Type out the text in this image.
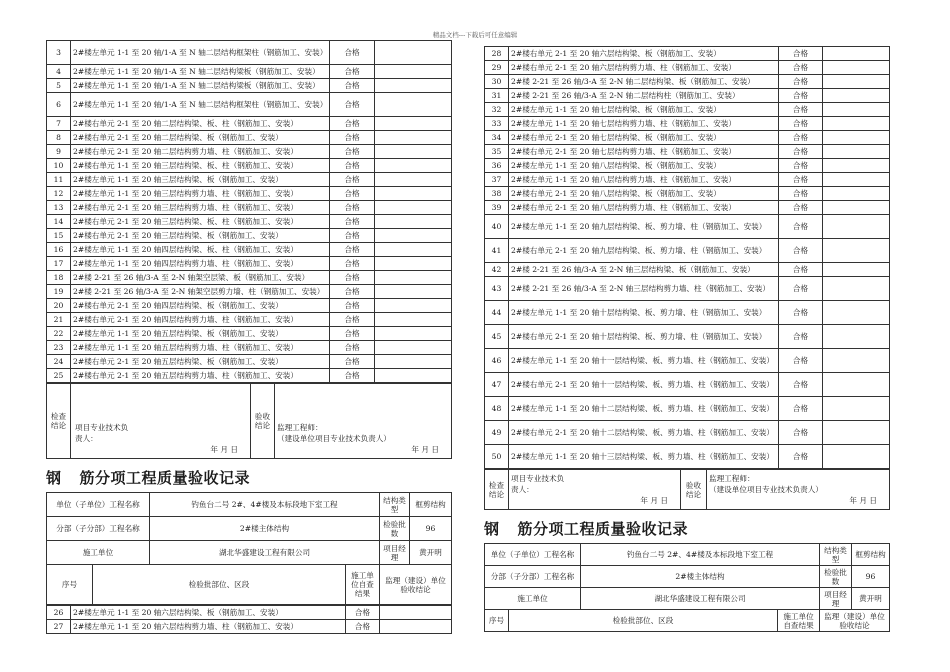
精品文档---下载后可任意编辑
3	2#楼左单元 1-1 至 20 轴/1-A 至 N 轴二层结构框架柱（钢筋加工、安装）	合格	
4	2#楼左单元 1-1 至 20 轴/1-A 至 N 轴二层结构梁板（钢筋加工、安装）	合格	
5	2#楼左单元 1-1 至 20 轴/1-A 至 N 轴二层结构梁板（钢筋加工、安装）	合格	
6	2#楼左单元 1-1 至 20 轴/1-A 至 N 轴二层结构框架柱（钢筋加工、安装）	合格	
7	2#楼右单元 2-1 至 20 轴二层结构梁、板、柱（钢筋加工、安装）	合格	
8	2#楼右单元 2-1 至 20 轴二层结构梁、板（钢筋加工、安装）	合格	
9	2#楼右单元 2-1 至 20 轴二层结构剪力墙、柱（钢筋加工、安装）	合格	
10	2#楼右单元 1-1 至 20 轴三层结构梁、板、柱（钢筋加工、安装）	合格	
11	2#楼左单元 1-1 至 20 轴三层结构梁、板（钢筋加工、安装）	合格	
12	2#楼左单元 1-1 至 20 轴三层结构剪力墙、柱（钢筋加工、安装）	合格	
13	2#楼右单元 2-1 至 20 轴三层结构剪力墙、柱（钢筋加工、安装）	合格	
14	2#楼右单元 2-1 至 20 轴三层结构梁、板、柱（钢筋加工、安装）	合格	
15	2#楼右单元 2-1 至 20 轴三层结构梁、板（钢筋加工、安装）	合格	
16	2#楼左单元 1-1 至 20 轴四层结构梁、板、柱（钢筋加工、安装）	合格	
17	2#楼左单元 1-1 至 20 轴四层结构剪力墙、柱（钢筋加工、安装）	合格	
18	2#楼 2-21 至 26 轴/3-A 至 2-N 轴架空层梁、板（钢筋加工、安装）	合格	
19	2#楼 2-21 至 26 轴/3-A 至 2-N 轴架空层剪力墙、柱（钢筋加工、安装）	合格	
20	2#楼右单元 2-1 至 20 轴四层结构梁、板（钢筋加工、安装）	合格	
21	2#楼右单元 2-1 至 20 轴四层结构剪力墙、柱（钢筋加工、安装）	合格	
22	2#楼左单元 1-1 至 20 轴五层结构梁、板（钢筋加工、安装）	合格	
23	2#楼左单元 1-1 至 20 轴五层结构剪力墙、柱（钢筋加工、安装）	合格	
24	2#楼右单元 2-1 至 20 轴五层结构梁、板（钢筋加工、安装）	合格	
25	2#楼右单元 2-1 至 20 轴五层结构剪力墙、柱（钢筋加工、安装）	合格	
检查结论	项目专业技术负责人：
年 月 日
	验收结论	监理工程师：
（建设单位项目专业技术负责人）
年 月 日
钢 筋分项工程质量验收记录
单位（子单位）工程名称		钓鱼台二号 2#、4#楼及本标段地下室工程		结构类型	框剪结构
分部（子分部）工程名称		2#楼主体结构		检验批数	96
施工单位		湖北华盛建设工程有限公司		项目经理	黄开明
序号	检验批部位、区段		施工单位自查结果	监理（建设）单位验收结论	
26	2#楼左单元 1-1 至 20 轴六层结构梁、板（钢筋加工、安装）	合格	
27	2#楼左单元 1-1 至 20 轴六层结构剪力墙、柱（钢筋加工、安装）	合格	
28	2#楼右单元 2-1 至 20 轴六层结构梁、板（钢筋加工、安装）	合格	
29	2#楼右单元 2-1 至 20 轴六层结构剪力墙、柱（钢筋加工、安装）	合格	
30	2#楼 2-21 至 26 轴/3-A 至 2-N 轴二层结构梁、板（钢筋加工、安装）	合格	
31	2#楼 2-21 至 26 轴/3-A 至 2-N 轴二层结构柱（钢筋加工、安装）	合格	
32	2#楼左单元 1-1 至 20 轴七层结构梁、板（钢筋加工、安装）	合格	
33	2#楼左单元 1-1 至 20 轴七层结构剪力墙、柱（钢筋加工、安装）	合格	
34	2#楼右单元 2-1 至 20 轴七层结构梁、板（钢筋加工、安装）	合格	
35	2#楼右单元 2-1 至 20 轴七层结构剪力墙、柱（钢筋加工、安装）	合格	
36	2#楼左单元 1-1 至 20 轴八层结构梁、板（钢筋加工、安装）	合格	
37	2#楼左单元 1-1 至 20 轴八层结构剪力墙、柱（钢筋加工、安装）	合格	
38	2#楼右单元 2-1 至 20 轴八层结构梁、板（钢筋加工、安装）	合格	
39	2#楼右单元 2-1 至 20 轴八层结构剪力墙、柱（钢筋加工、安装）	合格	
40	2#楼左单元 1-1 至 20 轴九层结构梁、板、剪力墙、柱（钢筋加工、安装）	合格	
41	2#楼右单元 2-1 至 20 轴九层结构梁、板、剪力墙、柱（钢筋加工、安装）	合格	
42	2#楼 2-21 至 26 轴/3-A 至 2-N 轴三层结构梁、板（钢筋加工、安装）	合格	
43	2#楼 2-21 至 26 轴/3-A 至 2-N 轴三层结构剪力墙、柱（钢筋加工、安装）	合格	
44	2#楼左单元 1-1 至 20 轴十层结构梁、板、剪力墙、柱（钢筋加工、安装）	合格	
45	2#楼右单元 2-1 至 20 轴十层结构梁、板、剪力墙、柱（钢筋加工、安装）	合格	
46	2#楼左单元 1-1 至 20 轴十一层结构梁、板、剪力墙、柱（钢筋加工、安装）	合格	
47	2#楼右单元 2-1 至 20 轴十一层结构梁、板、剪力墙、柱（钢筋加工、安装）	合格	
48	2#楼左单元 1-1 至 20 轴十二层结构梁、板、剪力墙、柱（钢筋加工、安装）	合格	
49	2#楼右单元 2-1 至 20 轴十二层结构梁、板、剪力墙、柱（钢筋加工、安装）	合格	
50	2#楼左单元 1-1 至 20 轴十三层结构梁、板、剪力墙、柱（钢筋加工、安装）	合格	
检查结论	
项目专业技术负责人：
年 月 日
	验收结论	
监理工程师：
（建设单位项目专业技术负责人）
年 月 日
钢 筋分项工程质量验收记录
单位（子单位）工程名称		钓鱼台二号 2#、4#楼及本标段地下室工程		结构类型	框剪结构
分部（子分部）工程名称		2#楼主体结构		检验批数	96
施工单位		湖北华盛建设工程有限公司		项目经理	黄开明
序号	检验批部位、区段		施工单位自查结果	监理（建设）单位验收结论	
